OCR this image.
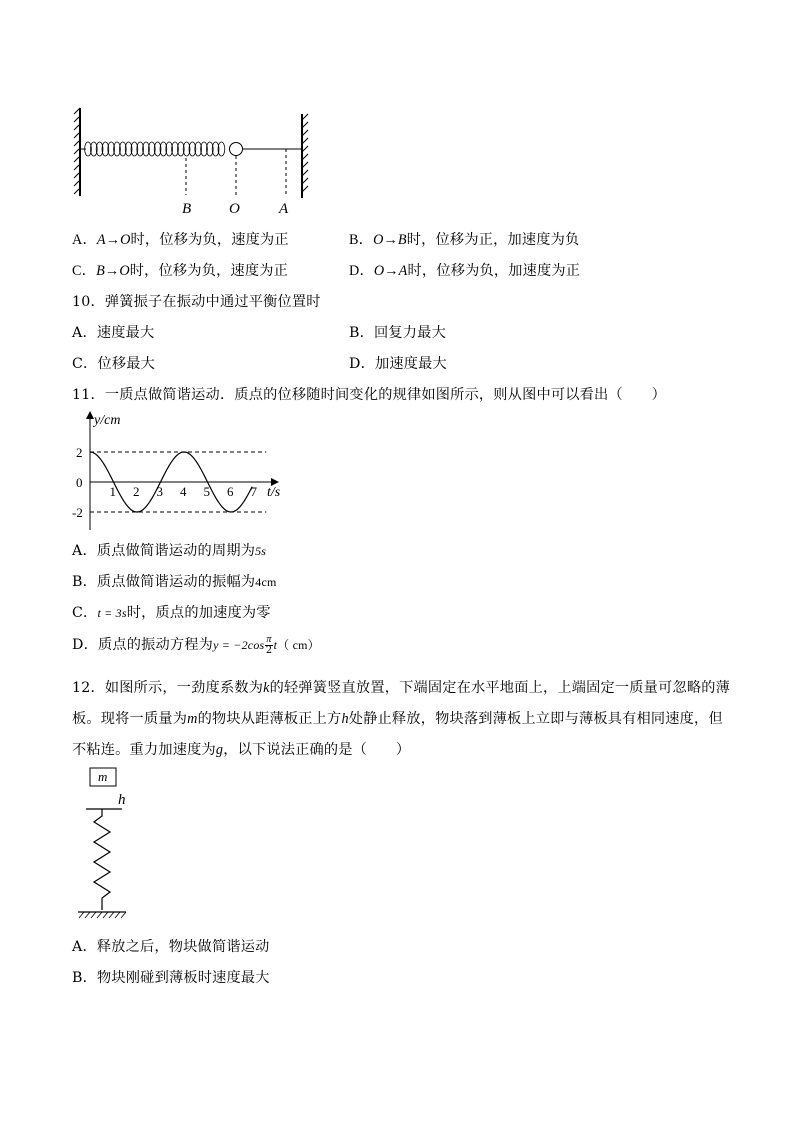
B	O	A
A．A→O时，位移为负，速度为正	B．O→B时，位移为正，加速度为负
C．B→O时，位移为负，速度为正	D．O→A时，位移为负，加速度为正
10．弹簧振子在振动中通过平衡位置时
A．速度最大	B．回复力最大
C．位移最大	D．加速度最大
11．一质点做简谐运动．质点的位移随时间变化的规律如图所示，则从图中可以看出（　　）
1 2 3 4 5 6 7
2
0
-2
y/cm
t/s
A．质点做简谐运动的周期为5s
B．质点做简谐运动的振幅为4cm
C．t = 3s时，质点的加速度为零
D．质点的振动方程为$y = -2\cos \frac{\pi}{2} t$（ cm）
12．如图所示，一劲度系数为k的轻弹簧竖直放置，下端固定在水平地面上，上端固定一质量可忽略的薄
板。现将一质量为m的物块从距薄板正上方h处静止释放，物块落到薄板上立即与薄板具有相同速度，但
不粘连。重力加速度为g，以下说法正确的是（　　）
m
h
A．释放之后，物块做简谐运动
B．物块刚碰到薄板时速度最大
